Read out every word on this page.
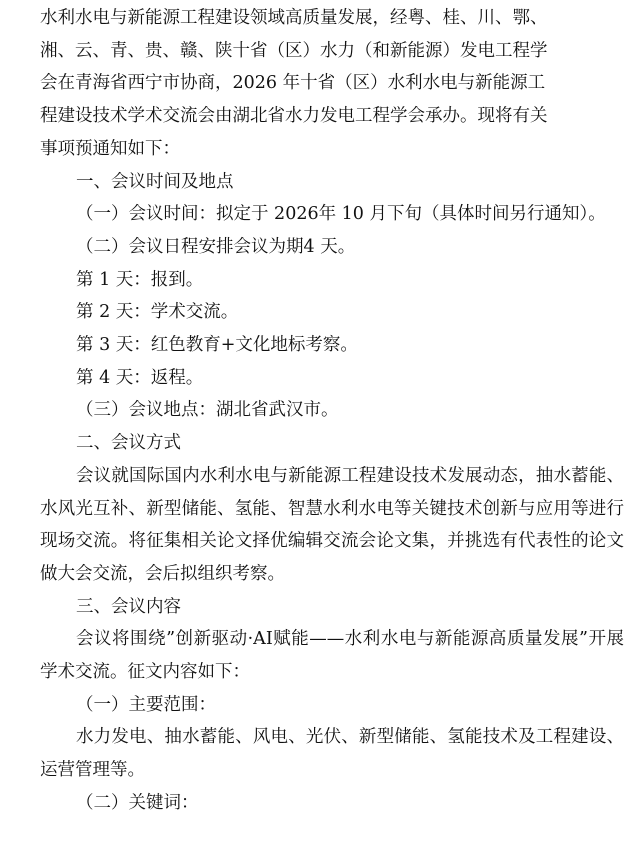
水利水电与新能源工程建设领域高质量发展，经粤、桂、川、鄂、
湘、云、青、贵、赣、陕十省（区）水力（和新能源）发电工程学
会在青海省西宁市协商，2026 年十省（区）水利水电与新能源工
程建设技术学术交流会由湖北省水力发电工程学会承办。现将有关
事项预通知如下：

一、会议时间及地点

（一）会议时间：拟定于 2026年 10 月下旬（具体时间另行通知）。

（二）会议日程安排会议为期4 天。

第 1 天：报到。

第 2 天：学术交流。

第 3 天：红色教育+文化地标考察。

第 4 天：返程。

（三）会议地点：湖北省武汉市。

二、会议方式

会议就国际国内水利水电与新能源工程建设技术发展动态，抽水蓄能、水风光互补、新型储能、氢能、智慧水利水电等关键技术创新与应用等进行现场交流。将征集相关论文择优编辑交流会论文集，并挑选有代表性的论文做大会交流，会后拟组织考察。

三、会议内容

会议将围绕”创新驱动·AI赋能——水利水电与新能源高质量发展”开展学术交流。征文内容如下：

（一）主要范围：

水力发电、抽水蓄能、风电、光伏、新型储能、氢能技术及工程建设、运营管理等。

（二）关键词：
